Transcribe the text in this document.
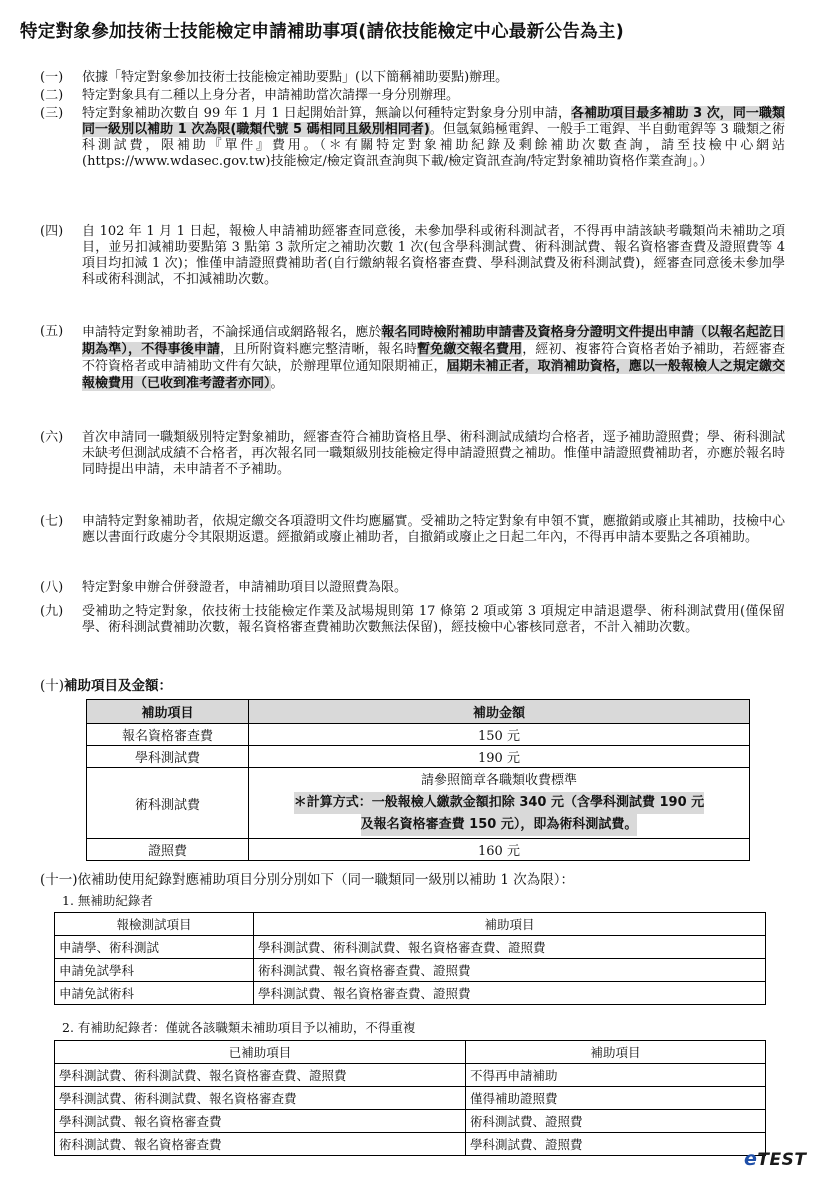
特定對象參加技術士技能檢定申請補助事項(請依技能檢定中心最新公告為主)
(一)	依據「特定對象參加技術士技能檢定補助要點」(以下簡稱補助要點)辦理。
(二)	特定對象具有二種以上身分者，申請補助當次請擇一身分別辦理。
(三)	特定對象補助次數自 99 年 1 月 1 日起開始計算，無論以何種特定對象身分別申請，各補助項目最多補助 3 次，同一職類同一級別以補助 1 次為限(職類代號 5 碼相同且級別相同者)。但氬氣鎢極電銲、一般手工電銲、半自動電銲等 3 職類之術科測試費，限補助『單件』費用。（＊有關特定對象補助紀錄及剩餘補助次數查詢，請至技檢中心網站(https://www.wdasec.gov.tw)技能檢定/檢定資訊查詢與下載/檢定資訊查詢/特定對象補助資格作業查詢」。）
(四)	自 102 年 1 月 1 日起，報檢人申請補助經審查同意後，未參加學科或術科測試者，不得再申請該缺考職類尚未補助之項目，並另扣減補助要點第 3 點第 3 款所定之補助次數 1 次(包含學科測試費、術科測試費、報名資格審查費及證照費等 4 項目均扣減 1 次)；惟僅申請證照費補助者(自行繳納報名資格審查費、學科測試費及術科測試費)，經審查同意後未參加學科或術科測試，不扣減補助次數。
(五)	申請特定對象補助者，不論採通信或網路報名，應於報名同時檢附補助申請書及資格身分證明文件提出申請（以報名起訖日期為準），不得事後申請，且所附資料應完整清晰，報名時暫免繳交報名費用，經初、複審符合資格者始予補助，若經審查不符資格者或申請補助文件有欠缺，於辦理單位通知限期補正，屆期未補正者，取消補助資格，應以一般報檢人之規定繳交報檢費用（已收到准考證者亦同）。
(六)	首次申請同一職類級別特定對象補助，經審查符合補助資格且學、術科測試成績均合格者，逕予補助證照費；學、術科測試未缺考但測試成績不合格者，再次報名同一職類級別技能檢定得申請證照費之補助。惟僅申請證照費補助者，亦應於報名時同時提出申請，未申請者不予補助。
(七)	申請特定對象補助者，依規定繳交各項證明文件均應屬實。受補助之特定對象有申領不實，應撤銷或廢止其補助，技檢中心應以書面行政處分令其限期返還。經撤銷或廢止補助者，自撤銷或廢止之日起二年內，不得再申請本要點之各項補助。
(八)	特定對象申辦合併發證者，申請補助項目以證照費為限。
(九)	受補助之特定對象，依技術士技能檢定作業及試場規則第 17 條第 2 項或第 3 項規定申請退還學、術科測試費用(僅保留學、術科測試費補助次數，報名資格審查費補助次數無法保留)，經技檢中心審核同意者，不計入補助次數。
(十)補助項目及金額：
補助項目	補助金額
報名資格審查費	150 元
學科測試費	190 元
術科測試費	請參照簡章各職類收費標準
＊計算方式：一般報檢人繳款金額扣除 340 元（含學科測試費 190 元
及報名資格審查費 150 元），即為術科測試費。

證照費	160 元
(十一)依補助使用紀錄對應補助項目分別分別如下（同一職類同一級別以補助 1 次為限）：
1. 無補助紀錄者
報檢測試項目	補助項目
申請學、術科測試	學科測試費、術科測試費、報名資格審查費、證照費
申請免試學科	術科測試費、報名資格審查費、證照費
申請免試術科	學科測試費、報名資格審查費、證照費
2. 有補助紀錄者：僅就各該職類未補助項目予以補助，不得重複
已補助項目	補助項目
學科測試費、術科測試費、報名資格審查費、證照費	不得再申請補助
學科測試費、術科測試費、報名資格審查費	僅得補助證照費
學科測試費、報名資格審查費	術科測試費、證照費
術科測試費、報名資格審查費	學科測試費、證照費
eTEST
